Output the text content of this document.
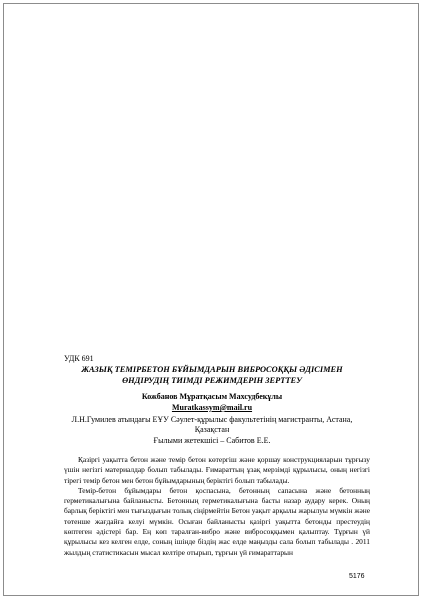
УДК 691
ЖАЗЫҚ ТЕМІРБЕТОН БҰЙЫМДАРЫН ВИБРОСОҚҚЫ ӘДІСІМЕН
ӨНДІРУДІҢ ТИІМДІ РЕЖИМДЕРІН ЗЕРТТЕУ
Кожбанов Мұратқасым Махсудбекұлы
Muratkassym@mail.ru
Л.Н.Гумилев атындағы ЕҰУ Сәулет-құрылыс факультетінің магистранты, Астана,
Қазақстан
Ғылыми жетекшісі – Сабитов Е.Е.

Қазіргі уақытта бетон және темір бетон көтергіш және қоршау конструкцияларын тұрғызу үшін негізгі материалдар болып табылады. Ғимараттың ұзақ мерзімді құрылысы, оның негізгі тірегі темір бетон мен бетон бұйымдарының беріктігі болып табылады.

Темір-бетон бұйымдары бетон қоспасына, бетонның сапасына және бетонның герметикалығына байланысты. Бетонның герметикалығына басты назар аудару керек. Оның барлық беріктігі мен тығыздығын толық сіңірмейтін Бетон уақыт арқылы жарылуы мүмкін және төтенше жағдайға келуі мүмкін. Осыған байланысты қазіргі уақытта бетонды престеудің көптеген әдістері бар. Ең көп таралған-вибро және вибросоққымен қалыптау. Тұрғын үй құрылысы кез келген елде, соның ішінде біздің жас елде маңызды сала болып табылады . 2011 жылдың статистикасын мысал келтіре отырып, тұрғын үй ғимараттарын

5176
